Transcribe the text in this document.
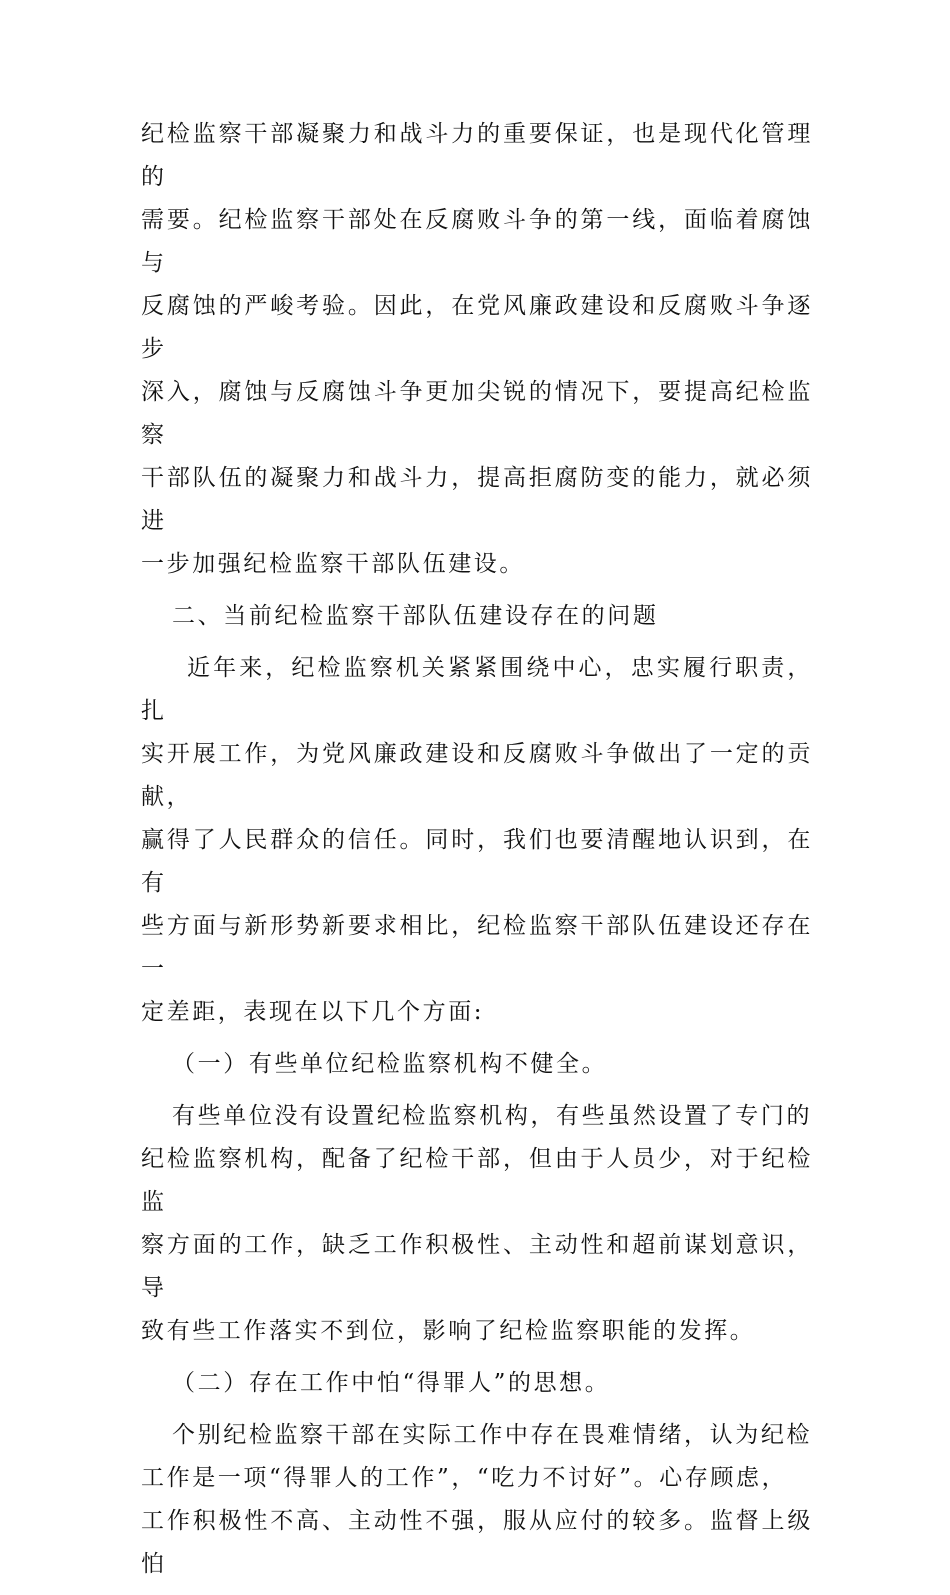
纪检监察干部凝聚力和战斗力的重要保证，也是现代化管理的
需要。纪检监察干部处在反腐败斗争的第一线，面临着腐蚀与
反腐蚀的严峻考验。因此，在党风廉政建设和反腐败斗争逐步
深入，腐蚀与反腐蚀斗争更加尖锐的情况下，要提高纪检监察
干部队伍的凝聚力和战斗力，提高拒腐防变的能力，就必须进
一步加强纪检监察干部队伍建设。

二、当前纪检监察干部队伍建设存在的问题

近年来，纪检监察机关紧紧围绕中心，忠实履行职责，扎
实开展工作，为党风廉政建设和反腐败斗争做出了一定的贡献，
赢得了人民群众的信任。同时，我们也要清醒地认识到，在有
些方面与新形势新要求相比，纪检监察干部队伍建设还存在一
定差距，表现在以下几个方面:

（一）有些单位纪检监察机构不健全。

有些单位没有设置纪检监察机构，有些虽然设置了专门的
纪检监察机构，配备了纪检干部，但由于人员少，对于纪检监
察方面的工作，缺乏工作积极性、主动性和超前谋划意识，导
致有些工作落实不到位，影响了纪检监察职能的发挥。

（二）存在工作中怕“得罪人”的思想。

个别纪检监察干部在实际工作中存在畏难情绪，认为纪检
工作是一项“得罪人的工作”，“吃力不讨好”。心存顾虑，
工作积极性不高、主动性不强，服从应付的较多。监督上级怕
